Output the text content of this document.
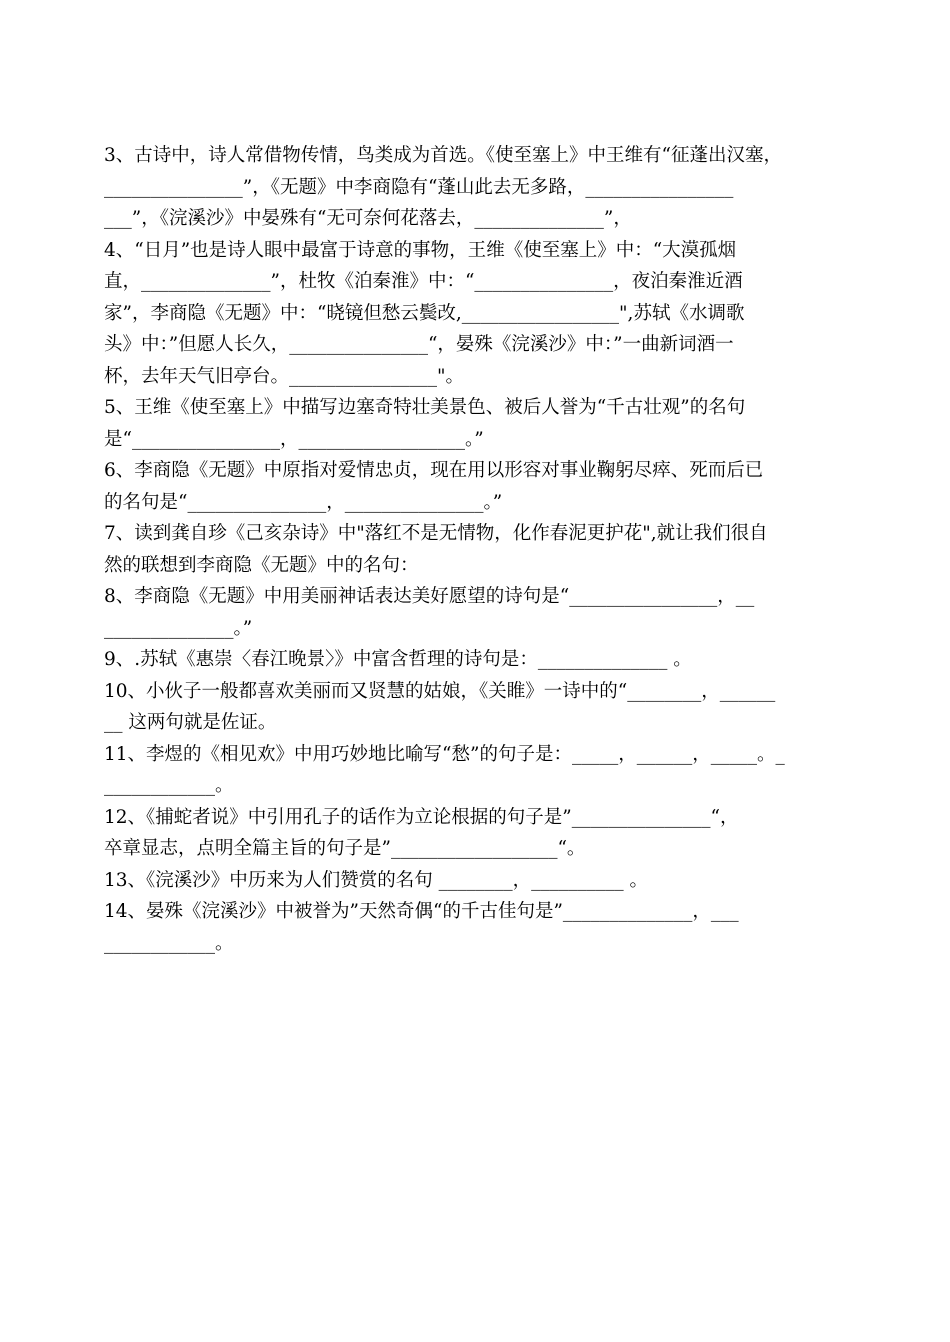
3、古诗中，诗人常借物传情，鸟类成为首选。《使至塞上》中王维有“征蓬出汉塞，
_______________”，《无题》中李商隐有“蓬山此去无多路，________________
___”，《浣溪沙》中晏殊有“无可奈何花落去，______________”，
4、“日月”也是诗人眼中最富于诗意的事物，王维《使至塞上》中：“大漠孤烟
直，______________”，杜牧《泊秦淮》中：“_______________，夜泊秦淮近酒
家”，李商隐《无题》中：“晓镜但愁云鬓改,_________________",苏轼《水调歌
头》中：”但愿人长久，_______________“，晏殊《浣溪沙》中：”一曲新词酒一
杯，去年天气旧亭台。________________"。
5、王维《使至塞上》中描写边塞奇特壮美景色、被后人誉为“千古壮观”的名句
是“________________，__________________。”
6、李商隐《无题》中原指对爱情忠贞，现在用以形容对事业鞠躬尽瘁、死而后已
的名句是“_______________，_______________。”
7、读到龚自珍《己亥杂诗》中"落红不是无情物，化作春泥更护花",就让我们很自
然的联想到李商隐《无题》中的名句：
8、李商隐《无题》中用美丽神话表达美好愿望的诗句是“________________，__
______________。”
9、.苏轼《惠崇〈春江晚景〉》中富含哲理的诗句是：______________ 。
10、小伙子一般都喜欢美丽而又贤慧的姑娘，《关睢》一诗中的“________，______
__ 这两句就是佐证。
11、李煜的《相见欢》中用巧妙地比喻写“愁”的句子是：_____，______，_____。_
____________。
12、《捕蛇者说》中引用孔子的话作为立论根据的句子是”_______________“，
卒章显志，点明全篇主旨的句子是”__________________“。
13、《浣溪沙》中历来为人们赞赏的名句 ________，__________ 。
14、晏殊《浣溪沙》中被誉为”天然奇偶“的千古佳句是”______________，___
____________。
